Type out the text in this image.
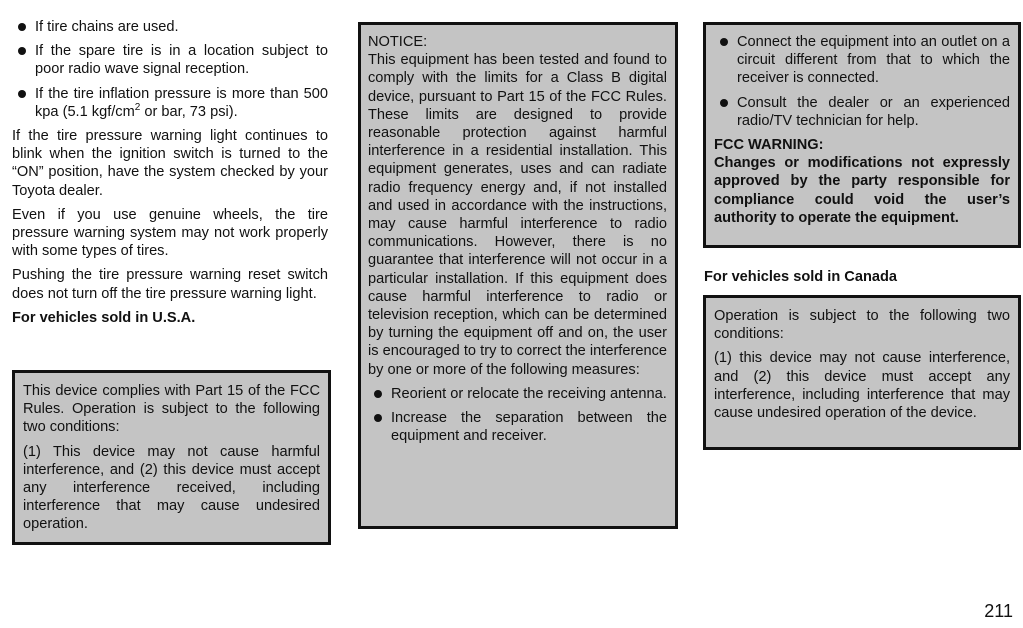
If tire chains are used.

If the spare tire is in a location subject to poor radio wave signal reception.

If the tire inflation pressure is more than 500 kpa (5.1 kgf/$cm^2$ or bar, 73 psi).

If the tire pressure warning light continues to blink when the ignition switch is turned to the “ON” position, have the system checked by your Toyota dealer.

Even if you use genuine wheels, the tire pressure warning system may not work properly with some types of tires.

Pushing the tire pressure warning reset switch does not turn off the tire pressure warning light.

For vehicles sold in U.S.A.

This device complies with Part 15 of the FCC Rules. Operation is subject to the following two conditions:

(1) This device may not cause harmful interference, and (2) this device must accept any interference received, including interference that may cause undesired operation.

NOTICE:

This equipment has been tested and found to comply with the limits for a Class B digital device, pursuant to Part 15 of the FCC Rules. These limits are designed to provide reasonable protection against harmful interference in a residential installation. This equipment generates, uses and can radiate radio frequency energy and, if not installed and used in accordance with the instructions, may cause harmful interference to radio communications. However, there is no guarantee that interference will not occur in a particular installation. If this equipment does cause harmful interference to radio or television reception, which can be determined by turning the equipment off and on, the user is encouraged to try to correct the interference by one or more of the following measures:

Reorient or relocate the receiving antenna.

Increase the separation between the equipment and receiver.

Connect the equipment into an outlet on a circuit different from that to which the receiver is connected.

Consult the dealer or an experienced radio/TV technician for help.

FCC WARNING:

Changes or modifications not expressly approved by the party responsible for compliance could void the user’s authority to operate the equipment.

For vehicles sold in Canada

Operation is subject to the following two conditions:

(1) this device may not cause interference, and (2) this device must accept any interference, including interference that may cause undesired operation of the device.

211
